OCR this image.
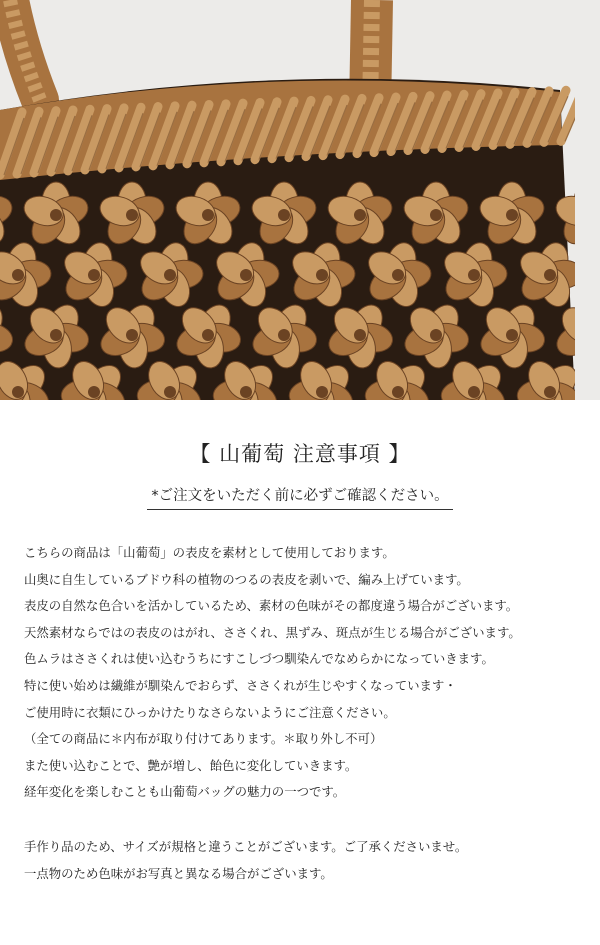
【 山葡萄 注意事項 】
*ご注文をいただく前に必ずご確認ください。
こちらの商品は「山葡萄」の表皮を素材として使用しております。
山奥に自生しているブドウ科の植物のつるの表皮を剥いで、編み上げています。
表皮の自然な色合いを活かしているため、素材の色味がその都度違う場合がございます。
天然素材ならではの表皮のはがれ、ささくれ、黒ずみ、斑点が生じる場合がございます。
色ムラはささくれは使い込むうちにすこしづつ馴染んでなめらかになっていきます。
特に使い始めは繊維が馴染んでおらず、ささくれが生じやすくなっています・
ご使用時に衣類にひっかけたりなさらないようにご注意ください。
（全ての商品に＊内布が取り付けてあります。＊取り外し不可）
また使い込むことで、艶が増し、飴色に変化していきます。
経年変化を楽しむことも山葡萄バッグの魅力の一つです。
手作り品のため、サイズが規格と違うことがございます。ご了承くださいませ。
一点物のため色味がお写真と異なる場合がございます。
